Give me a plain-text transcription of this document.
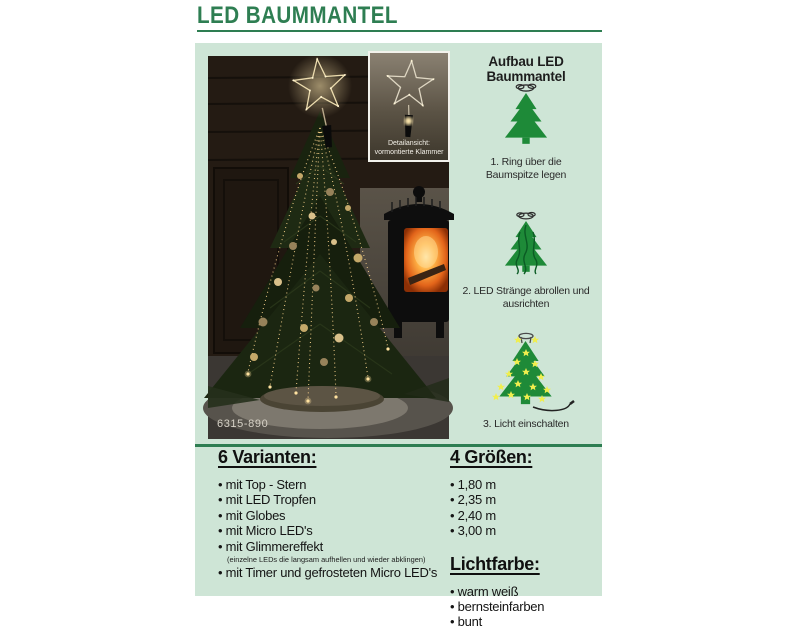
LED BAUMMANTEL
Detailansicht:
vormontierte Klammer
6315-890
Aufbau LED Baummantel

1. Ring über die Baumspitze legen

2. LED Stränge abrollen und ausrichten

3. Licht einschalten

6 Varianten:
• mit Top - Stern
• mit LED Tropfen
• mit Globes
• mit Micro LED's
• mit Glimmereffekt

(einzelne LEDs die langsam aufhellen und wieder abklingen)

• mit Timer und gefrosteten Micro LED's
4 Größen:
• 1,80 m
• 2,35 m
• 2,40 m
• 3,00 m
Lichtfarbe:
• warm weiß
• bernsteinfarben
• bunt
